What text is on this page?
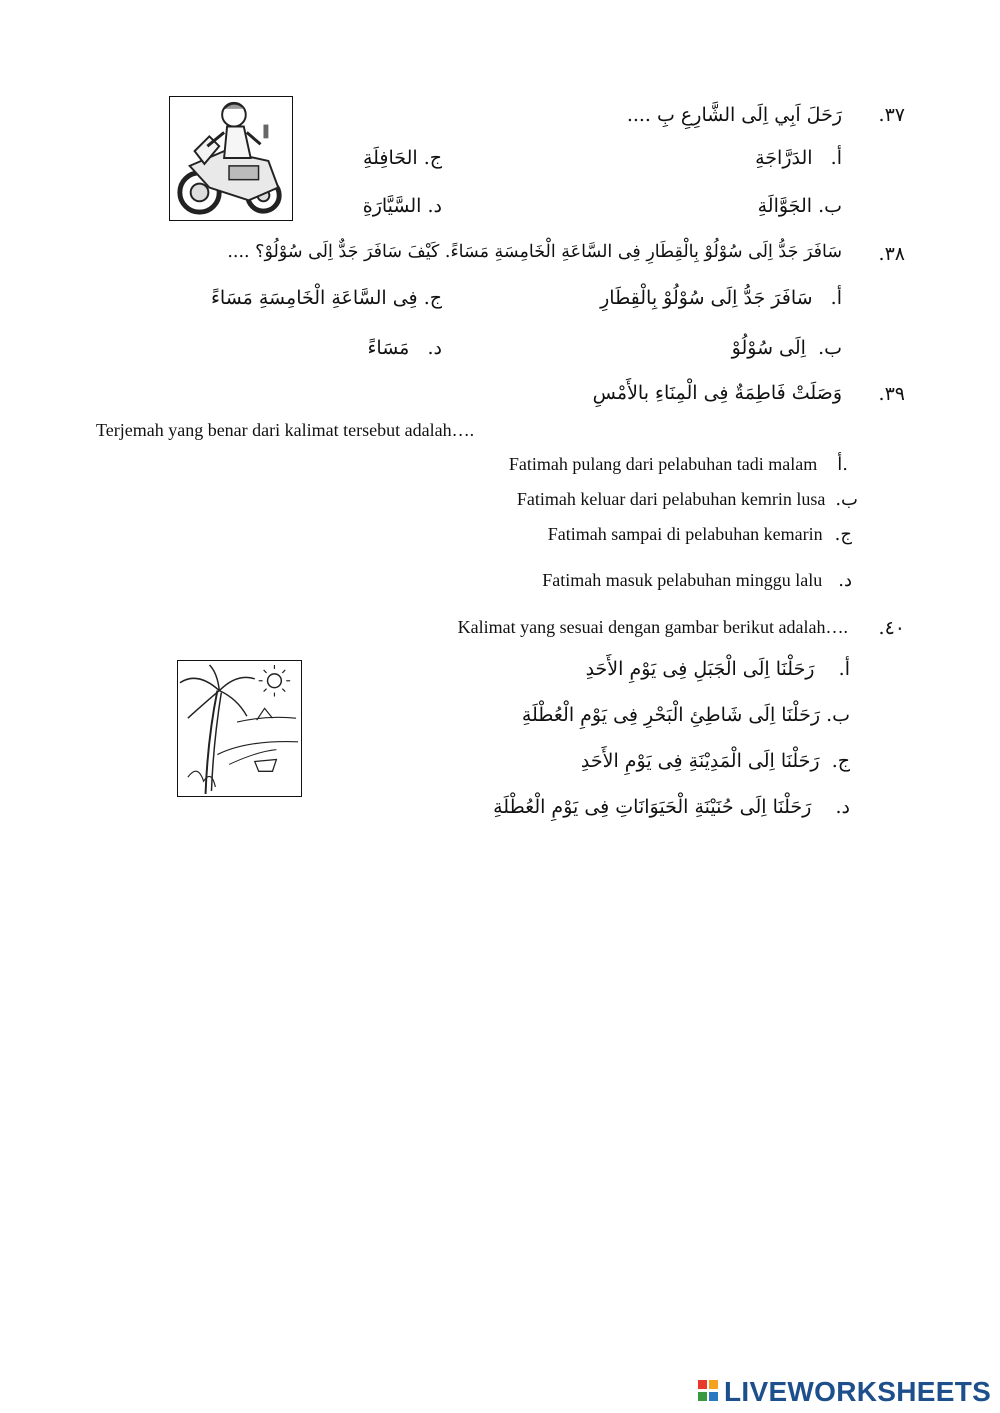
٣٧.
رَحَلَ اَبِي اِلَى الشَّارِعِ بِ ....
أ.   الدَرَّاجَةِ
ب. الجَوَّالَةِ
ج. الحَافِلَةِ
د. السَّيَّارَةِ
٣٨.
سَافَرَ جَدُّ اِلَى سُوْلُوْ بِالْقِطَارِ فِى السَّاعَةِ الْخَامِسَةِ مَسَاءً. كَيْفَ سَافَرَ جَدٌّ اِلَى سُوْلُوْ؟ ....
أ.   سَافَرَ جَدُّ اِلَى سُوْلُوْ بِالْقِطَارِ
ب.  اِلَى سُوْلُوْ
ج. فِى السَّاعَةِ الْخَامِسَةِ مَسَاءً
د.   مَسَاءً
٣٩.
وَصَلَتْ فَاطِمَةٌ فِى الْمِنَاءِ بالأَمْسِ
Terjemah yang benar dari kalimat tersebut adalah….
Fatimah pulang dari pelabuhan tadi malam أ.
Fatimah keluar dari pelabuhan kemrin lusa ب.
Fatimah sampai di pelabuhan kemarin ج.
Fatimah masuk pelabuhan minggu lalu د.
٤٠.
Kalimat yang sesuai dengan gambar berikut adalah….
أ.    رَحَلْنَا اِلَى الْجَبَلِ فِى يَوْمِ الأَحَدِ
ب. رَحَلْنَا اِلَى شَاطِئِ الْبَحْرِ فِى يَوْمِ الْعُطْلَةِ
ج.  رَحَلْنَا اِلَى الْمَدِيْنَةِ فِى يَوْمِ الأَحَدِ
د.    رَحَلْنَا اِلَى حُنَيْنَةِ الْحَيَوَانَاتِ فِى يَوْمِ الْعُطْلَةِ
LIVEWORKSHEETS
